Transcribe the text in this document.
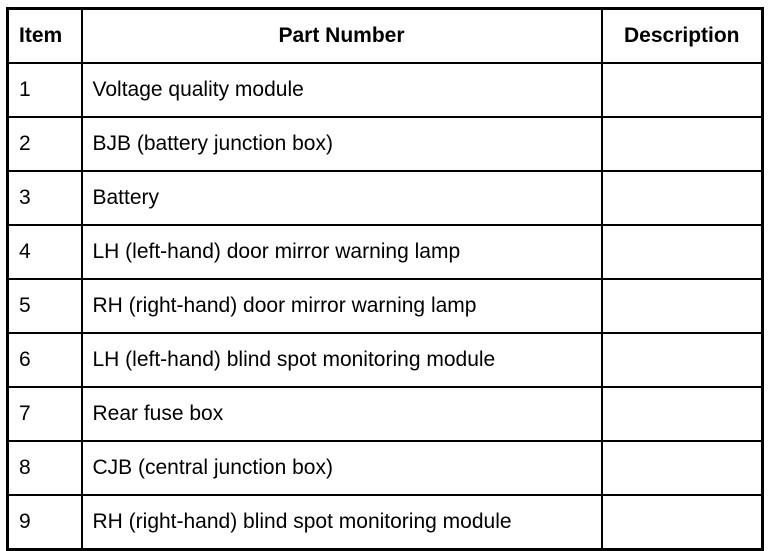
Item	Part Number	Description
1	Voltage quality module	
2	BJB (battery junction box)	
3	Battery	
4	LH (left-hand) door mirror warning lamp	
5	RH (right-hand) door mirror warning lamp	
6	LH (left-hand) blind spot monitoring module	
7	Rear fuse box	
8	CJB (central junction box)	
9	RH (right-hand) blind spot monitoring module	
